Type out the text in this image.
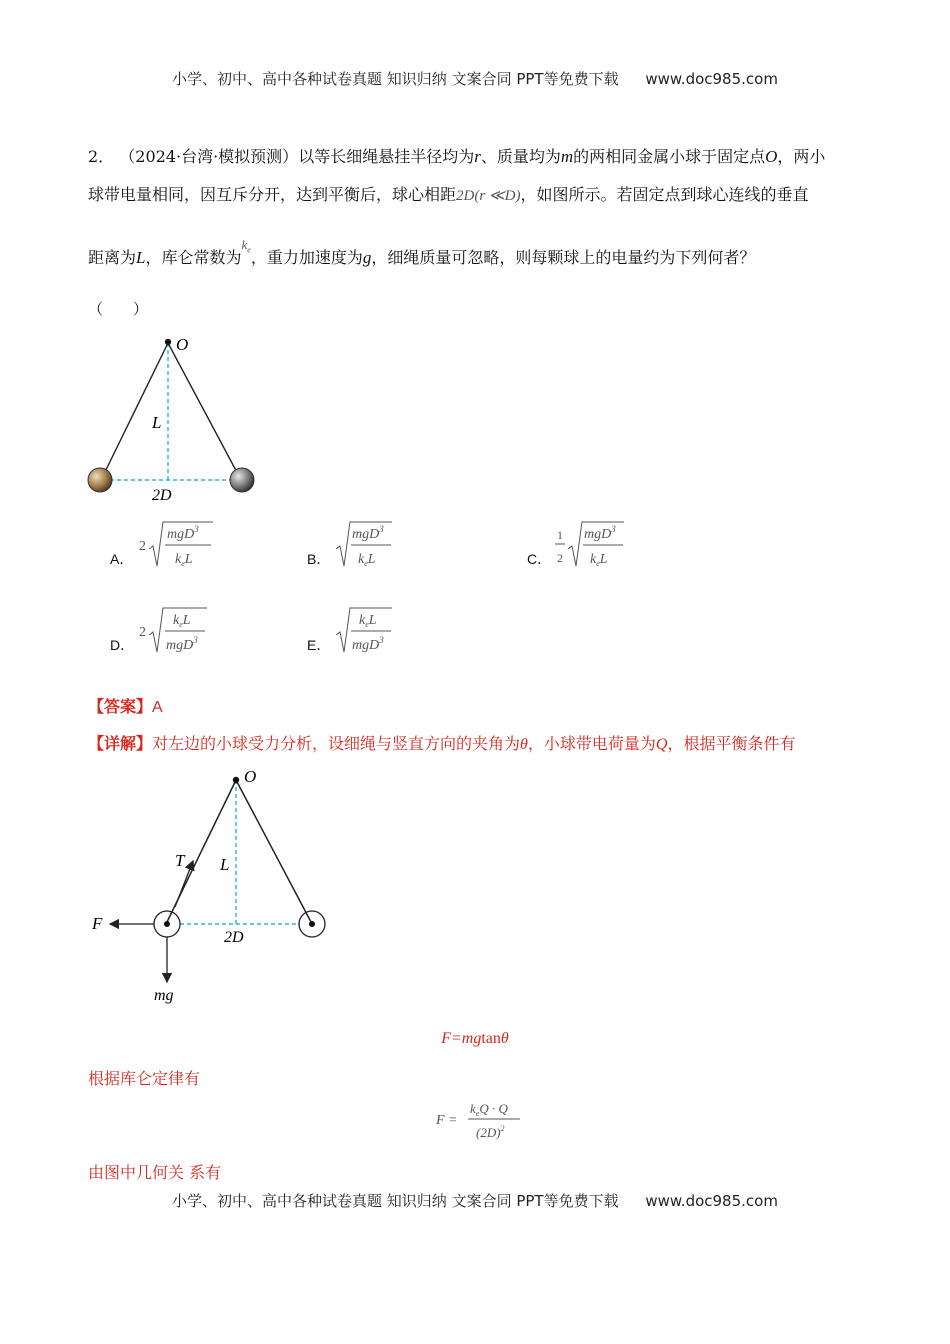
小学、初中、高中各种试卷真题 知识归纳 文案合同 PPT等免费下载 www.doc985.com
2． （2024·台湾·模拟预测）以等长细绳悬挂半径均为r、质量均为m的两相同金属小球于固定点O，两小
球带电量相同，因互斥分开，达到平衡后，球心相距2D(r ≪D)，如图所示。若固定点到球心连线的垂直
距离为L，库仑常数为$^{k_e}$，重力加速度为g，细绳质量可忽略，则每颗球上的电量约为下列何者？
（　　）
O
L
2D
A．
2
mgD$^3$
$k_eL$	B．
mgD$^3$
$k_eL$	C．
1
2
mgD$^3$
$k_eL$
D．
2
$k_eL$
mgD$^3$	E．
$k_eL$
mgD$^3$
【答案】A
【详解】对左边的小球受力分析，设细绳与竖直方向的夹角为θ，小球带电荷量为Q，根据平衡条件有
O
T L
F
2D
mg
F=mgtanθ
根据库仑定律有
F =
$k_eQ \cdot Q$
$(2D)^2$
由图中几何关 系有
小学、初中、高中各种试卷真题 知识归纳 文案合同 PPT等免费下载 www.doc985.com
